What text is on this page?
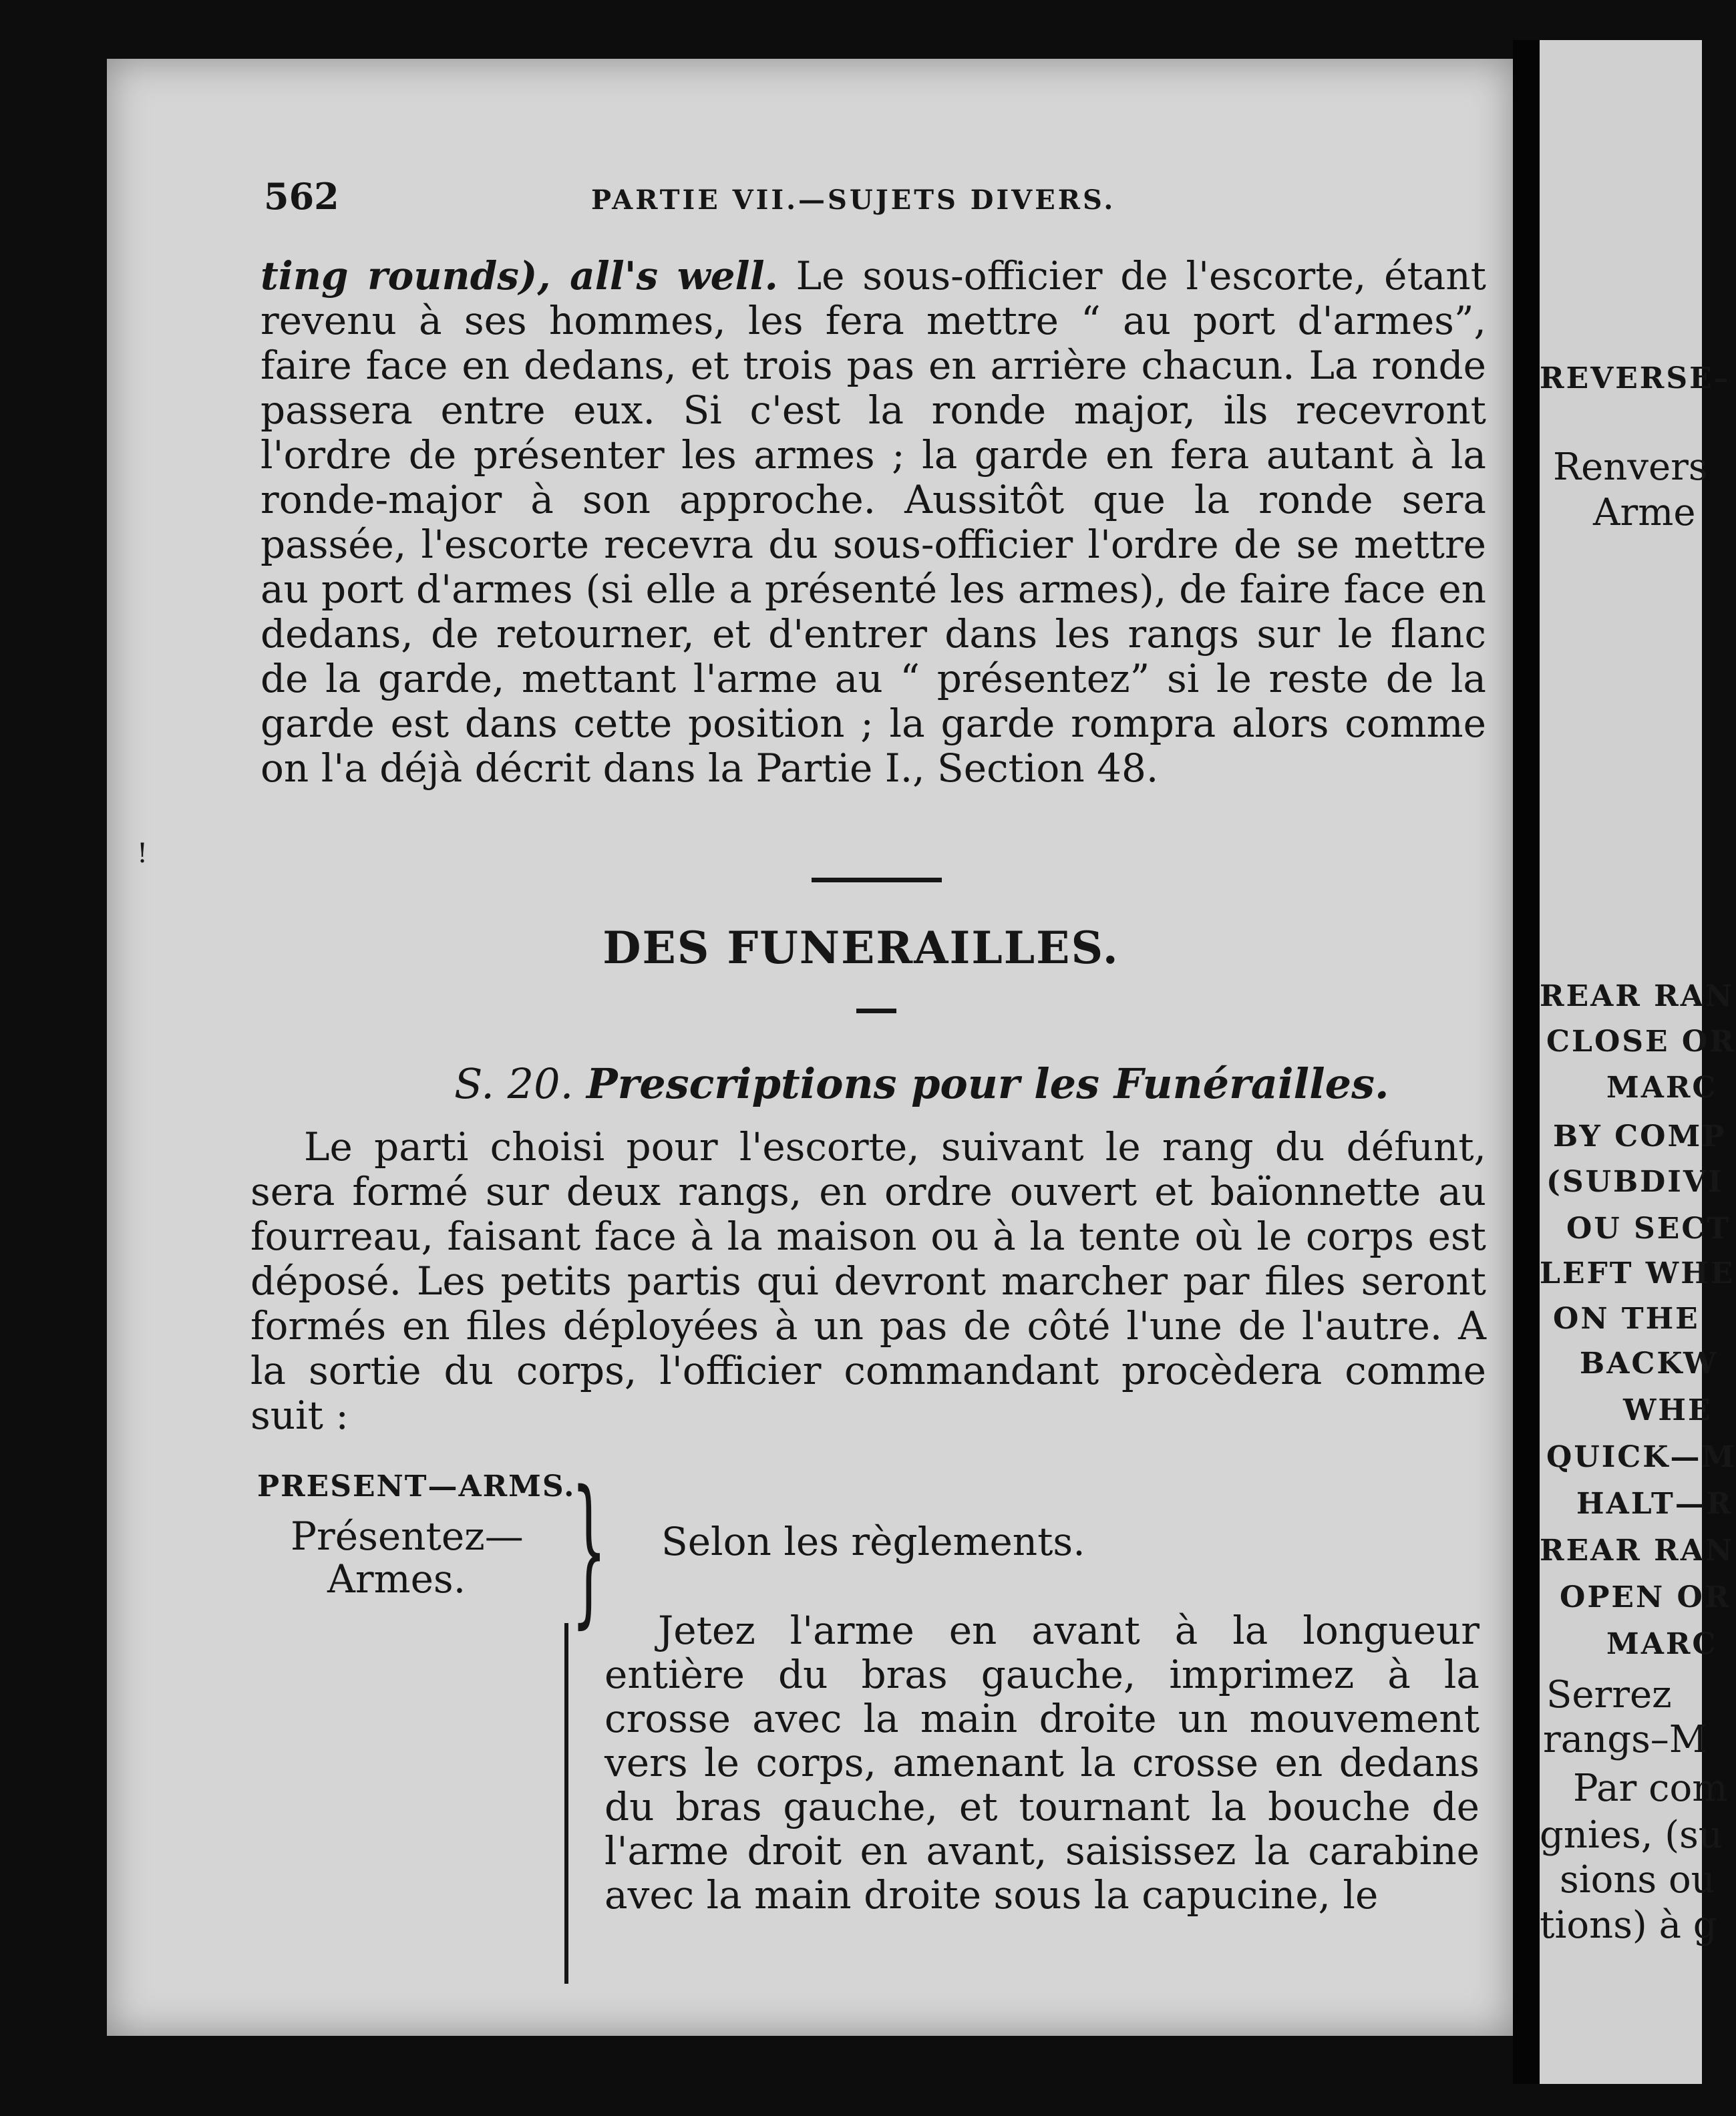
REVERSE–
Renvers
Arme
REAR RAN
CLOSE OR
MARC
BY COMP
(SUBDIVI
OU SECT
LEFT WHE
ON THE
BACKW
WHE
QUICK—M
HALT—R
REAR RAN
OPEN OR
MARC
Serrez
rangs–M
Par com
gnies, (su
sions ou
tions) à g
562	PARTIE VII.—SUJETS DIVERS.

ting rounds), all's well. Le sous-officier de l'escorte, étant revenu à ses hommes, les fera mettre “ au port d'armes”, faire face en dedans, et trois pas en arrière chacun. La ronde passera entre eux. Si c'est la ronde major, ils recevront l'ordre de présenter les armes ; la garde en fera autant à la ronde-major à son approche. Aussitôt que la ronde sera passée, l'escorte recevra du sous-officier l'ordre de se mettre au port d'armes (si elle a présenté les armes), de faire face en dedans, de retourner, et d'entrer dans les rangs sur le flanc de la garde, mettant l'arme au “ présentez” si le reste de la garde est dans cette position ; la garde rompra alors comme on l'a déjà décrit dans la Partie I., Section 48.

!
DES FUNERAILLES.
S. 20. Prescriptions pour les Funérailles.

Le parti choisi pour l'escorte, suivant le rang du défunt, sera formé sur deux rangs, en ordre ouvert et baïonnette au fourreau, faisant face à la maison ou à la tente où le corps est déposé. Les petits partis qui devront marcher par files seront formés en files déployées à un pas de côté l'une de l'autre. A la sortie du corps, l'officier commandant procèdera comme suit :

PRESENT—ARMS.
Présentez—
Armes. } Selon les règlements.

Jetez l'arme en avant à la longueur entière du bras gauche, imprimez à la crosse avec la main droite un mouvement vers le corps, amenant la crosse en dedans du bras gauche, et tournant la bouche de l'arme droit en avant, saisissez la carabine avec la main droite sous la capucine, le
